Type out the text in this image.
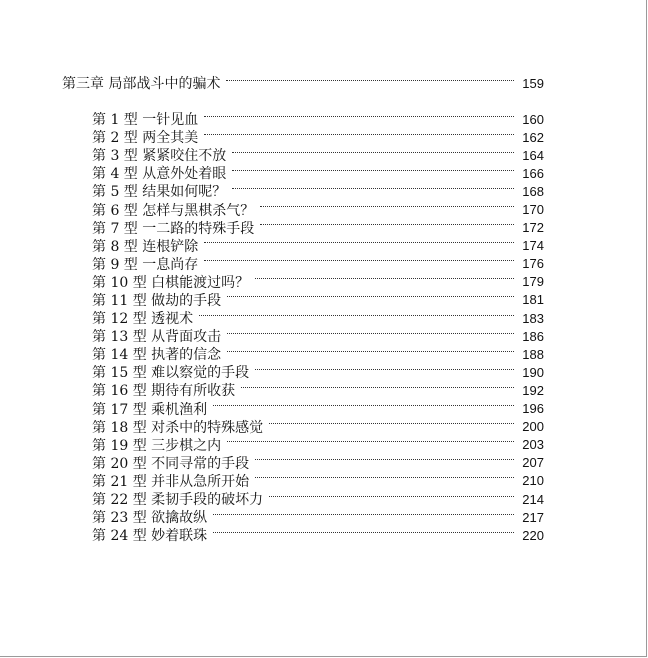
第三章 局部战斗中的骗术	159
第 1 型 一针见血	160
第 2 型 两全其美	162
第 3 型 紧紧咬住不放	164
第 4 型 从意外处着眼	166
第 5 型 结果如何呢？	168
第 6 型 怎样与黑棋杀气？	170
第 7 型 一二路的特殊手段	172
第 8 型 连根铲除	174
第 9 型 一息尚存	176
第 10 型 白棋能渡过吗？	179
第 11 型 做劫的手段	181
第 12 型 透视术	183
第 13 型 从背面攻击	186
第 14 型 执著的信念	188
第 15 型 难以察觉的手段	190
第 16 型 期待有所收获	192
第 17 型 乘机渔利	196
第 18 型 对杀中的特殊感觉	200
第 19 型 三步棋之内	203
第 20 型 不同寻常的手段	207
第 21 型 并非从急所开始	210
第 22 型 柔韧手段的破坏力	214
第 23 型 欲擒故纵	217
第 24 型 妙着联珠	220
